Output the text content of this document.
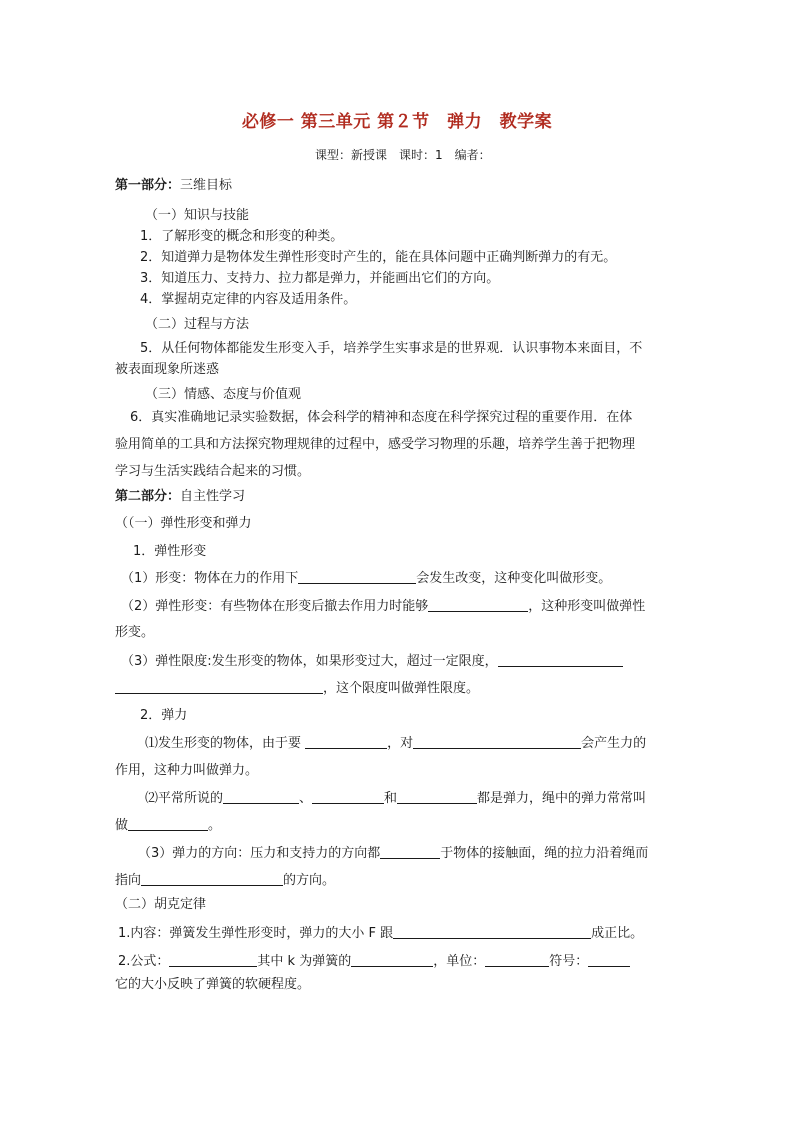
必修一 第三单元 第２节　弹力　教学案
课型：新授课　课时：1　编者：
第一部分：三维目标
（一）知识与技能
1．了解形变的概念和形变的种类。
2．知道弹力是物体发生弹性形变时产生的，能在具体问题中正确判断弹力的有无。
3．知道压力、支持力、拉力都是弹力，并能画出它们的方向。
4．掌握胡克定律的内容及适用条件。
（二）过程与方法
5．从任何物体都能发生形变入手，培养学生实事求是的世界观．认识事物本来面目，不
被表面现象所迷惑
（三）情感、态度与价值观
6．真实准确地记录实验数据，体会科学的精神和态度在科学探究过程的重要作用．在体
验用简单的工具和方法探究物理规律的过程中，感受学习物理的乐趣，培养学生善于把物理
学习与生活实践结合起来的习惯。
第二部分：自主性学习
（（一）弹性形变和弹力
1．弹性形变
（1）形变：物体在力的作用下	会发生改变，这种变化叫做形变。
（2）弹性形变：有些物体在形变后撤去作用力时能够	，这种形变叫做弹性
形变。
（3）弹性限度:发生形变的物体，如果形变过大，超过一定限度，
，这个限度叫做弹性限度。
2．弹力
⑴发生形变的物体，由于要	，对	会产生力的
作用，这种力叫做弹力。
⑵平常所说的	、	和	都是弹力，绳中的弹力常常叫
做	。
（3）弹力的方向：压力和支持力的方向都	于物体的接触面，绳的拉力沿着绳而
指向	的方向。
（二）胡克定律
1.内容：弹簧发生弹性形变时，弹力的大小 F 跟	成正比。
2.公式：	其中 k 为弹簧的	，单位：	符号：
它的大小反映了弹簧的软硬程度。
